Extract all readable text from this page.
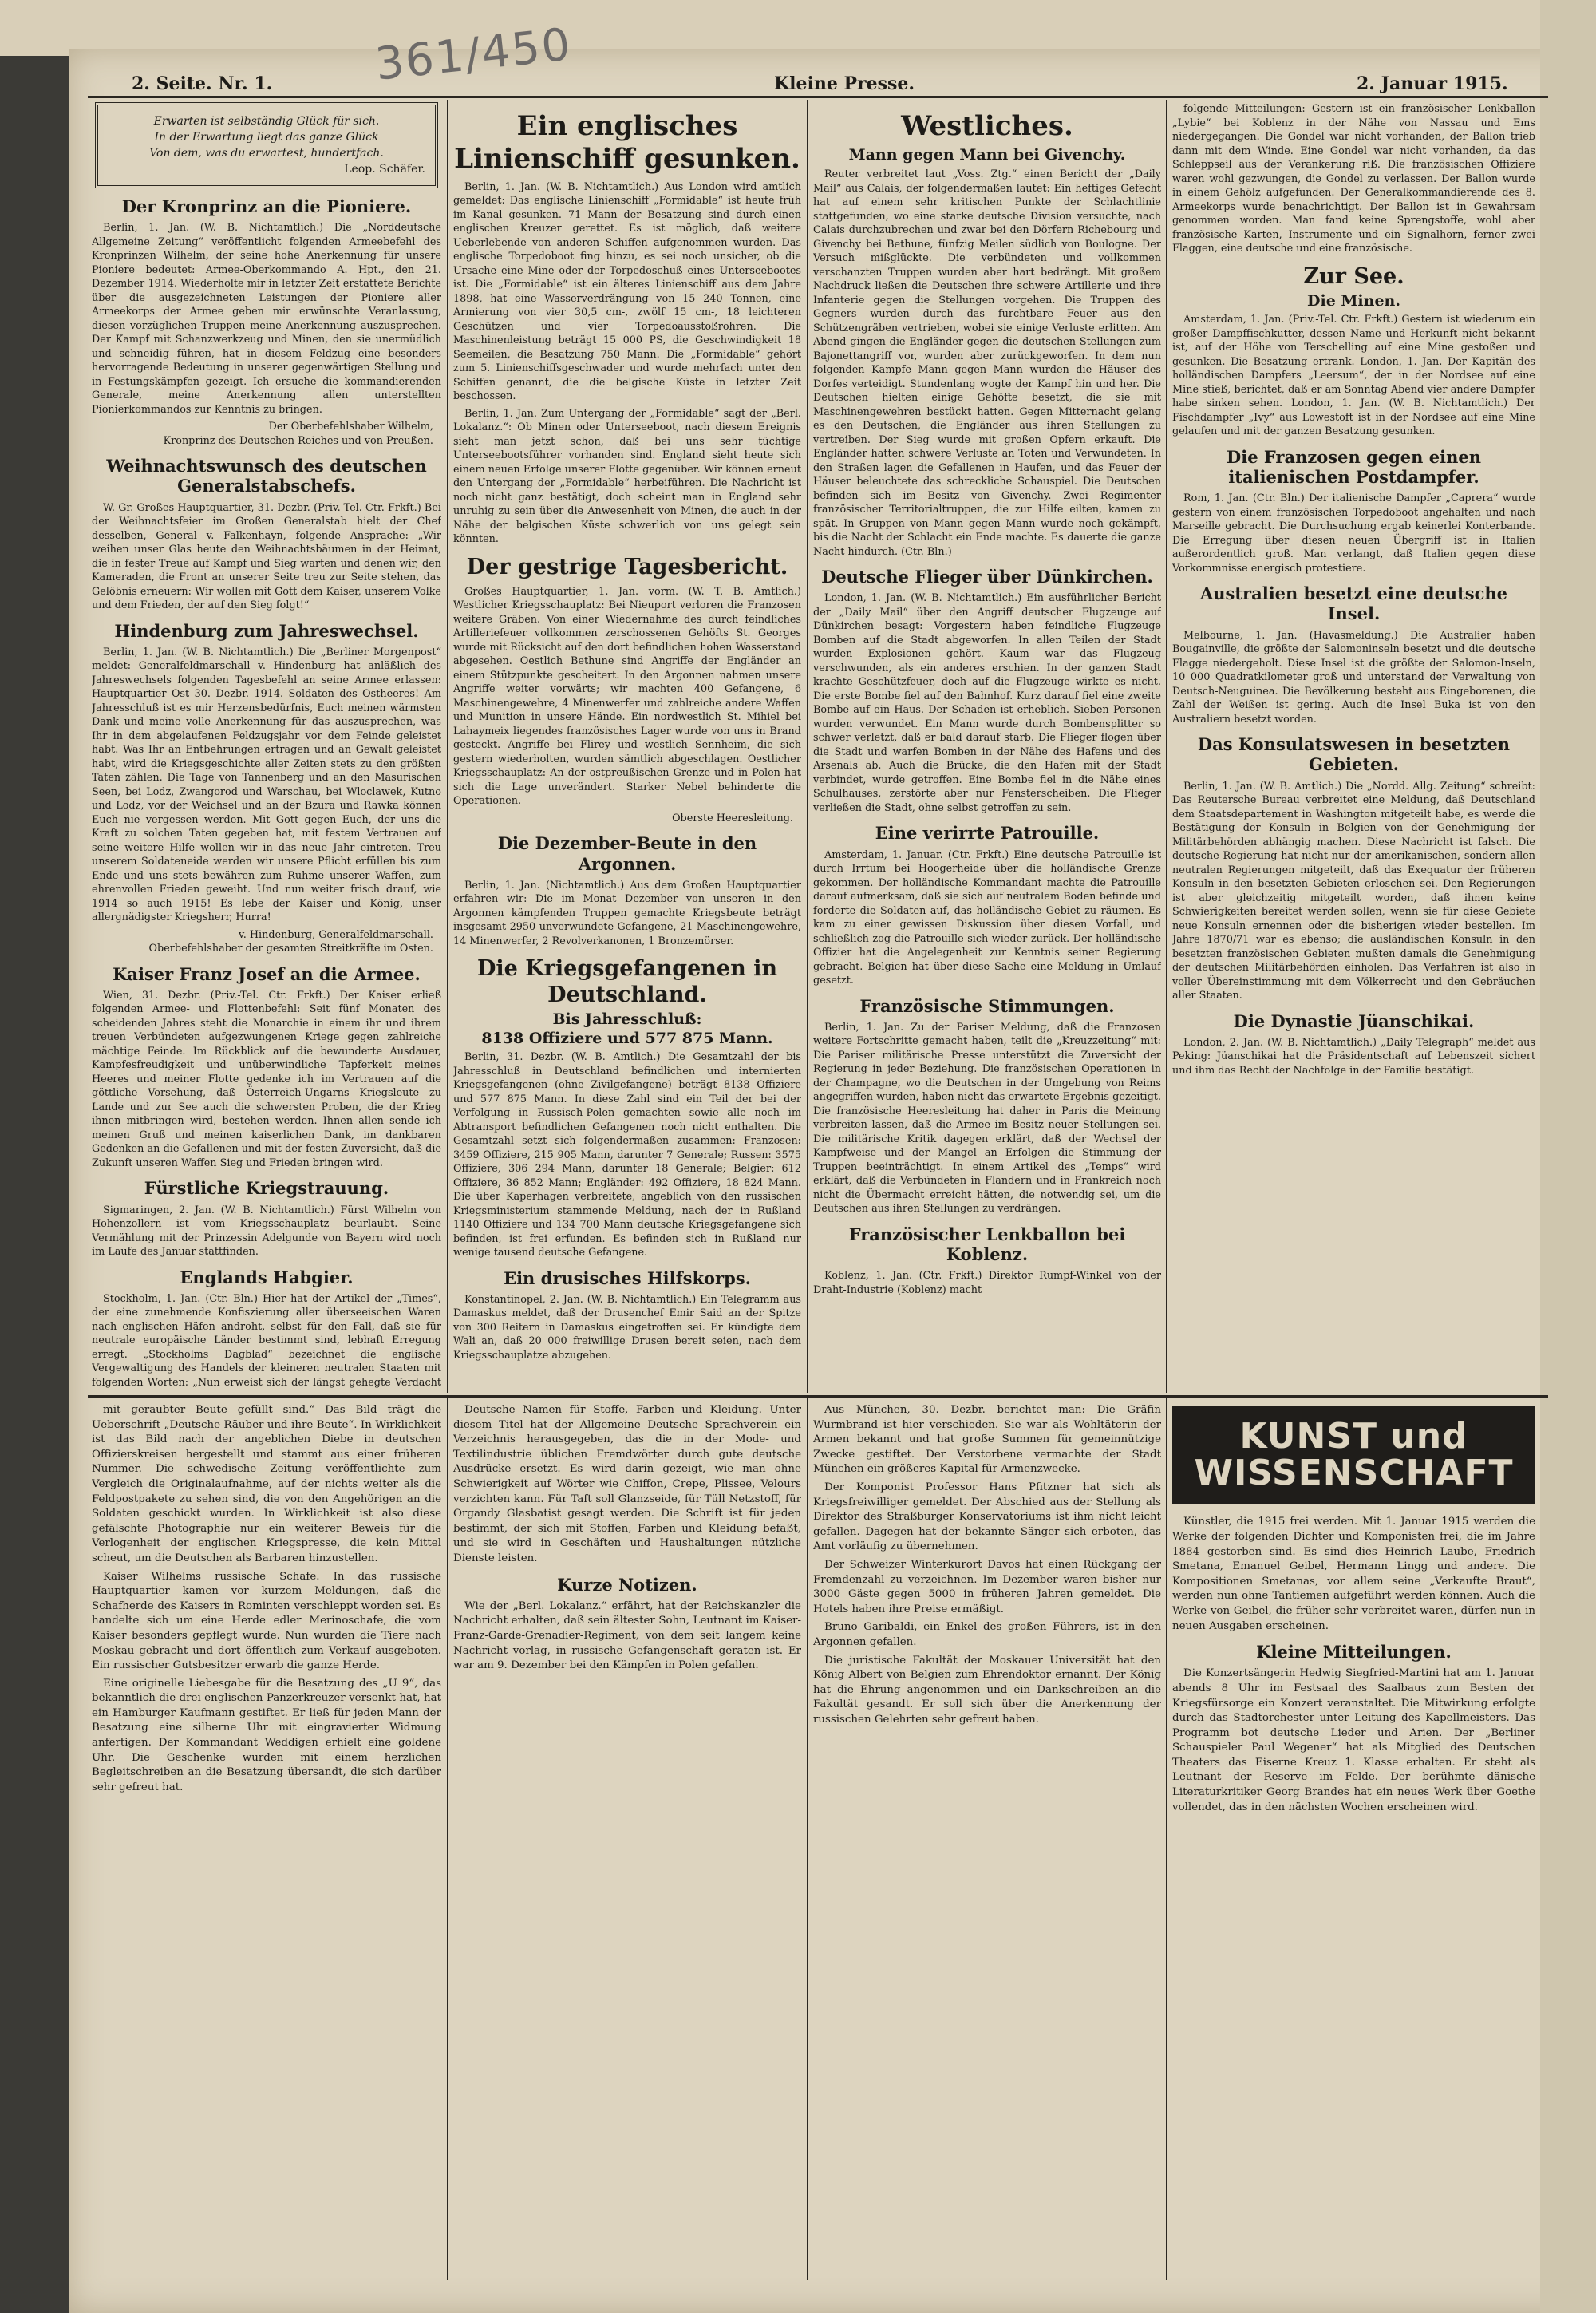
361/450
2. Seite. Nr. 1.	Kleine Presse.	2. Januar 1915.
Erwarten ist selbständig Glück für sich.
In der Erwartung liegt das ganze Glück
Von dem, was du erwartest, hundertfach.
Leop. Schäfer.
Der Kronprinz an die Pioniere.

Berlin, 1. Jan. (W. B. Nichtamtlich.) Die „Norddeutsche Allgemeine Zeitung“ veröffentlicht folgenden Armeebefehl des Kronprinzen Wilhelm, der seine hohe Anerkennung für unsere Pioniere bedeutet: Armee-Oberkommando A. Hpt., den 21. Dezember 1914. Wiederholte mir in letzter Zeit erstattete Berichte über die ausgezeichneten Leistungen der Pioniere aller Armeekorps der Armee geben mir erwünschte Veranlassung, diesen vorzüglichen Truppen meine Anerkennung auszusprechen. Der Kampf mit Schanzwerkzeug und Minen, den sie unermüdlich und schneidig führen, hat in diesem Feldzug eine besonders hervorragende Bedeutung in unserer gegenwärtigen Stellung und in Festungskämpfen gezeigt. Ich ersuche die kommandierenden Generale, meine Anerkennung allen unterstellten Pionierkommandos zur Kenntnis zu bringen.

Der Oberbefehlshaber Wilhelm,
Kronprinz des Deutschen Reiches und von Preußen.
Weihnachtswunsch des deutschen Generalstabschefs.

W. Gr. Großes Hauptquartier, 31. Dezbr. (Priv.-Tel. Ctr. Frkft.) Bei der Weihnachtsfeier im Großen Generalstab hielt der Chef desselben, General v. Falkenhayn, folgende Ansprache: „Wir weihen unser Glas heute den Weihnachtsbäumen in der Heimat, die in fester Treue auf Kampf und Sieg warten und denen wir, den Kameraden, die Front an unserer Seite treu zur Seite stehen, das Gelöbnis erneuern: Wir wollen mit Gott dem Kaiser, unserem Volke und dem Frieden, der auf den Sieg folgt!“

Hindenburg zum Jahreswechsel.

Berlin, 1. Jan. (W. B. Nichtamtlich.) Die „Berliner Morgenpost“ meldet: Generalfeldmarschall v. Hindenburg hat anläßlich des Jahreswechsels folgenden Tagesbefehl an seine Armee erlassen: Hauptquartier Ost 30. Dezbr. 1914. Soldaten des Ostheeres! Am Jahresschluß ist es mir Herzensbedürfnis, Euch meinen wärmsten Dank und meine volle Anerkennung für das auszusprechen, was Ihr in dem abgelaufenen Feldzugsjahr vor dem Feinde geleistet habt. Was Ihr an Entbehrungen ertragen und an Gewalt geleistet habt, wird die Kriegsgeschichte aller Zeiten stets zu den größten Taten zählen. Die Tage von Tannenberg und an den Masurischen Seen, bei Lodz, Zwangorod und Warschau, bei Wloclawek, Kutno und Lodz, vor der Weichsel und an der Bzura und Rawka können Euch nie vergessen werden. Mit Gott gegen Euch, der uns die Kraft zu solchen Taten gegeben hat, mit festem Vertrauen auf seine weitere Hilfe wollen wir in das neue Jahr eintreten. Treu unserem Soldateneide werden wir unsere Pflicht erfüllen bis zum Ende und uns stets bewähren zum Ruhme unserer Waffen, zum ehrenvollen Frieden geweiht. Und nun weiter frisch drauf, wie 1914 so auch 1915! Es lebe der Kaiser und König, unser allergnädigster Kriegsherr, Hurra!

v. Hindenburg, Generalfeldmarschall.
Oberbefehlshaber der gesamten Streitkräfte im Osten.
Kaiser Franz Josef an die Armee.

Wien, 31. Dezbr. (Priv.-Tel. Ctr. Frkft.) Der Kaiser erließ folgenden Armee- und Flottenbefehl: Seit fünf Monaten des scheidenden Jahres steht die Monarchie in einem ihr und ihrem treuen Verbündeten aufgezwungenen Kriege gegen zahlreiche mächtige Feinde. Im Rückblick auf die bewunderte Ausdauer, Kampfesfreudigkeit und unüberwindliche Tapferkeit meines Heeres und meiner Flotte gedenke ich im Vertrauen auf die göttliche Vorsehung, daß Österreich-Ungarns Kriegsleute zu Lande und zur See auch die schwersten Proben, die der Krieg ihnen mitbringen wird, bestehen werden. Ihnen allen sende ich meinen Gruß und meinen kaiserlichen Dank, im dankbaren Gedenken an die Gefallenen und mit der festen Zuversicht, daß die Zukunft unseren Waffen Sieg und Frieden bringen wird.

Fürstliche Kriegstrauung.

Sigmaringen, 2. Jan. (W. B. Nichtamtlich.) Fürst Wilhelm von Hohenzollern ist vom Kriegsschauplatz beurlaubt. Seine Vermählung mit der Prinzessin Adelgunde von Bayern wird noch im Laufe des Januar stattfinden.

Englands Habgier.

Stockholm, 1. Jan. (Ctr. Bln.) Hier hat der Artikel der „Times“, der eine zunehmende Konfiszierung aller überseeischen Waren nach englischen Häfen androht, selbst für den Fall, daß sie für neutrale europäische Länder bestimmt sind, lebhaft Erregung erregt. „Stockholms Dagblad“ bezeichnet die englische Vergewaltigung des Handels der kleineren neutralen Staaten mit folgenden Worten: „Nun erweist sich der längst gehegte Verdacht

Ein englisches Linienschiff gesunken.

Berlin, 1. Jan. (W. B. Nichtamtlich.) Aus London wird amtlich gemeldet: Das englische Linienschiff „Formidable“ ist heute früh im Kanal gesunken. 71 Mann der Besatzung sind durch einen englischen Kreuzer gerettet. Es ist möglich, daß weitere Ueberlebende von anderen Schiffen aufgenommen wurden. Das englische Torpedoboot fing hinzu, es sei noch unsicher, ob die Ursache eine Mine oder der Torpedoschuß eines Unterseebootes ist. Die „Formidable“ ist ein älteres Linienschiff aus dem Jahre 1898, hat eine Wasserverdrängung von 15 240 Tonnen, eine Armierung von vier 30,5 cm-, zwölf 15 cm-, 18 leichteren Geschützen und vier Torpedoausstoßrohren. Die Maschinenleistung beträgt 15 000 PS, die Geschwindigkeit 18 Seemeilen, die Besatzung 750 Mann. Die „Formidable“ gehört zum 5. Linienschiffsgeschwader und wurde mehrfach unter den Schiffen genannt, die die belgische Küste in letzter Zeit beschossen.

Berlin, 1. Jan. Zum Untergang der „Formidable“ sagt der „Berl. Lokalanz.“: Ob Minen oder Unterseeboot, nach diesem Ereignis sieht man jetzt schon, daß bei uns sehr tüchtige Unterseebootsführer vorhanden sind. England sieht heute sich einem neuen Erfolge unserer Flotte gegenüber. Wir können erneut den Untergang der „Formidable“ herbeiführen. Die Nachricht ist noch nicht ganz bestätigt, doch scheint man in England sehr unruhig zu sein über die Anwesenheit von Minen, die auch in der Nähe der belgischen Küste schwerlich von uns gelegt sein könnten.

Der gestrige Tagesbericht.

Großes Hauptquartier, 1. Jan. vorm. (W. T. B. Amtlich.) Westlicher Kriegsschauplatz: Bei Nieuport verloren die Franzosen weitere Gräben. Von einer Wiedernahme des durch feindliches Artilleriefeuer vollkommen zerschossenen Gehöfts St. Georges wurde mit Rücksicht auf den dort befindlichen hohen Wasserstand abgesehen. Oestlich Bethune sind Angriffe der Engländer an einem Stützpunkte gescheitert. In den Argonnen nahmen unsere Angriffe weiter vorwärts; wir machten 400 Gefangene, 6 Maschinengewehre, 4 Minenwerfer und zahlreiche andere Waffen und Munition in unsere Hände. Ein nordwestlich St. Mihiel bei Lahaymeix liegendes französisches Lager wurde von uns in Brand gesteckt. Angriffe bei Flirey und westlich Sennheim, die sich gestern wiederholten, wurden sämtlich abgeschlagen. Oestlicher Kriegsschauplatz: An der ostpreußischen Grenze und in Polen hat sich die Lage unverändert. Starker Nebel behinderte die Operationen.

Oberste Heeresleitung.
Die Dezember-Beute in den Argonnen.

Berlin, 1. Jan. (Nichtamtlich.) Aus dem Großen Hauptquartier erfahren wir: Die im Monat Dezember von unseren in den Argonnen kämpfenden Truppen gemachte Kriegsbeute beträgt insgesamt 2950 unverwundete Gefangene, 21 Maschinengewehre, 14 Minenwerfer, 2 Revolverkanonen, 1 Bronzemörser.

Die Kriegsgefangenen in Deutschland.
Bis Jahresschluß:
8138 Offiziere und 577 875 Mann.

Berlin, 31. Dezbr. (W. B. Amtlich.) Die Gesamtzahl der bis Jahresschluß in Deutschland befindlichen und internierten Kriegsgefangenen (ohne Zivilgefangene) beträgt 8138 Offiziere und 577 875 Mann. In diese Zahl sind ein Teil der bei der Verfolgung in Russisch-Polen gemachten sowie alle noch im Abtransport befindlichen Gefangenen noch nicht enthalten. Die Gesamtzahl setzt sich folgendermaßen zusammen: Franzosen: 3459 Offiziere, 215 905 Mann, darunter 7 Generale; Russen: 3575 Offiziere, 306 294 Mann, darunter 18 Generale; Belgier: 612 Offiziere, 36 852 Mann; Engländer: 492 Offiziere, 18 824 Mann. Die über Kaperhagen verbreitete, angeblich von den russischen Kriegsministerium stammende Meldung, nach der in Rußland 1140 Offiziere und 134 700 Mann deutsche Kriegsgefangene sich befinden, ist frei erfunden. Es befinden sich in Rußland nur wenige tausend deutsche Gefangene.

Ein drusisches Hilfskorps.

Konstantinopel, 2. Jan. (W. B. Nichtamtlich.) Ein Telegramm aus Damaskus meldet, daß der Drusenchef Emir Said an der Spitze von 300 Reitern in Damaskus eingetroffen sei. Er kündigte dem Wali an, daß 20 000 freiwillige Drusen bereit seien, nach dem Kriegsschauplatze abzugehen.

Westliches.
Mann gegen Mann bei Givenchy.

Reuter verbreitet laut „Voss. Ztg.“ einen Bericht der „Daily Mail“ aus Calais, der folgendermaßen lautet: Ein heftiges Gefecht hat auf einem sehr kritischen Punkte der Schlachtlinie stattgefunden, wo eine starke deutsche Division versuchte, nach Calais durchzubrechen und zwar bei den Dörfern Richebourg und Givenchy bei Bethune, fünfzig Meilen südlich von Boulogne. Der Versuch mißglückte. Die verbündeten und vollkommen verschanzten Truppen wurden aber hart bedrängt. Mit großem Nachdruck ließen die Deutschen ihre schwere Artillerie und ihre Infanterie gegen die Stellungen vorgehen. Die Truppen des Gegners wurden durch das furchtbare Feuer aus den Schützengräben vertrieben, wobei sie einige Verluste erlitten. Am Abend gingen die Engländer gegen die deutschen Stellungen zum Bajonettangriff vor, wurden aber zurückgeworfen. In dem nun folgenden Kampfe Mann gegen Mann wurden die Häuser des Dorfes verteidigt. Stundenlang wogte der Kampf hin und her. Die Deutschen hielten einige Gehöfte besetzt, die sie mit Maschinengewehren bestückt hatten. Gegen Mitternacht gelang es den Deutschen, die Engländer aus ihren Stellungen zu vertreiben. Der Sieg wurde mit großen Opfern erkauft. Die Engländer hatten schwere Verluste an Toten und Verwundeten. In den Straßen lagen die Gefallenen in Haufen, und das Feuer der Häuser beleuchtete das schreckliche Schauspiel. Die Deutschen befinden sich im Besitz von Givenchy. Zwei Regimenter französischer Territorialtruppen, die zur Hilfe eilten, kamen zu spät. In Gruppen von Mann gegen Mann wurde noch gekämpft, bis die Nacht der Schlacht ein Ende machte. Es dauerte die ganze Nacht hindurch. (Ctr. Bln.)

Deutsche Flieger über Dünkirchen.

London, 1. Jan. (W. B. Nichtamtlich.) Ein ausführlicher Bericht der „Daily Mail“ über den Angriff deutscher Flugzeuge auf Dünkirchen besagt: Vorgestern haben feindliche Flugzeuge Bomben auf die Stadt abgeworfen. In allen Teilen der Stadt wurden Explosionen gehört. Kaum war das Flugzeug verschwunden, als ein anderes erschien. In der ganzen Stadt krachte Geschützfeuer, doch auf die Flugzeuge wirkte es nicht. Die erste Bombe fiel auf den Bahnhof. Kurz darauf fiel eine zweite Bombe auf ein Haus. Der Schaden ist erheblich. Sieben Personen wurden verwundet. Ein Mann wurde durch Bombensplitter so schwer verletzt, daß er bald darauf starb. Die Flieger flogen über die Stadt und warfen Bomben in der Nähe des Hafens und des Arsenals ab. Auch die Brücke, die den Hafen mit der Stadt verbindet, wurde getroffen. Eine Bombe fiel in die Nähe eines Schulhauses, zerstörte aber nur Fensterscheiben. Die Flieger verließen die Stadt, ohne selbst getroffen zu sein.

Eine verirrte Patrouille.

Amsterdam, 1. Januar. (Ctr. Frkft.) Eine deutsche Patrouille ist durch Irrtum bei Hoogerheide über die holländische Grenze gekommen. Der holländische Kommandant machte die Patrouille darauf aufmerksam, daß sie sich auf neutralem Boden befinde und forderte die Soldaten auf, das holländische Gebiet zu räumen. Es kam zu einer gewissen Diskussion über diesen Vorfall, und schließlich zog die Patrouille sich wieder zurück. Der holländische Offizier hat die Angelegenheit zur Kenntnis seiner Regierung gebracht. Belgien hat über diese Sache eine Meldung in Umlauf gesetzt.

Französische Stimmungen.

Berlin, 1. Jan. Zu der Pariser Meldung, daß die Franzosen weitere Fortschritte gemacht haben, teilt die „Kreuzzeitung“ mit: Die Pariser militärische Presse unterstützt die Zuversicht der Regierung in jeder Beziehung. Die französischen Operationen in der Champagne, wo die Deutschen in der Umgebung von Reims angegriffen wurden, haben nicht das erwartete Ergebnis gezeitigt. Die französische Heeresleitung hat daher in Paris die Meinung verbreiten lassen, daß die Armee im Besitz neuer Stellungen sei. Die militärische Kritik dagegen erklärt, daß der Wechsel der Kampfweise und der Mangel an Erfolgen die Stimmung der Truppen beeinträchtigt. In einem Artikel des „Temps“ wird erklärt, daß die Verbündeten in Flandern und in Frankreich noch nicht die Übermacht erreicht hätten, die notwendig sei, um die Deutschen aus ihren Stellungen zu verdrängen.

Französischer Lenkballon bei Koblenz.

Koblenz, 1. Jan. (Ctr. Frkft.) Direktor Rumpf-Winkel von der Draht-Industrie (Koblenz) macht

folgende Mitteilungen: Gestern ist ein französischer Lenkballon „Lybie“ bei Koblenz in der Nähe von Nassau und Ems niedergegangen. Die Gondel war nicht vorhanden, der Ballon trieb dann mit dem Winde. Eine Gondel war nicht vorhanden, da das Schleppseil aus der Verankerung riß. Die französischen Offiziere waren wohl gezwungen, die Gondel zu verlassen. Der Ballon wurde in einem Gehölz aufgefunden. Der Generalkommandierende des 8. Armeekorps wurde benachrichtigt. Der Ballon ist in Gewahrsam genommen worden. Man fand keine Sprengstoffe, wohl aber französische Karten, Instrumente und ein Signalhorn, ferner zwei Flaggen, eine deutsche und eine französische.

Zur See.
Die Minen.

Amsterdam, 1. Jan. (Priv.-Tel. Ctr. Frkft.) Gestern ist wiederum ein großer Dampffischkutter, dessen Name und Herkunft nicht bekannt ist, auf der Höhe von Terschelling auf eine Mine gestoßen und gesunken. Die Besatzung ertrank. London, 1. Jan. Der Kapitän des holländischen Dampfers „Leersum“, der in der Nordsee auf eine Mine stieß, berichtet, daß er am Sonntag Abend vier andere Dampfer habe sinken sehen. London, 1. Jan. (W. B. Nichtamtlich.) Der Fischdampfer „Ivy“ aus Lowestoft ist in der Nordsee auf eine Mine gelaufen und mit der ganzen Besatzung gesunken.

Die Franzosen gegen einen italienischen Postdampfer.

Rom, 1. Jan. (Ctr. Bln.) Der italienische Dampfer „Caprera“ wurde gestern von einem französischen Torpedoboot angehalten und nach Marseille gebracht. Die Durchsuchung ergab keinerlei Konterbande. Die Erregung über diesen neuen Übergriff ist in Italien außerordentlich groß. Man verlangt, daß Italien gegen diese Vorkommnisse energisch protestiere.

Australien besetzt eine deutsche Insel.

Melbourne, 1. Jan. (Havasmeldung.) Die Australier haben Bougainville, die größte der Salomoninseln besetzt und die deutsche Flagge niedergeholt. Diese Insel ist die größte der Salomon-Inseln, 10 000 Quadratkilometer groß und unterstand der Verwaltung von Deutsch-Neuguinea. Die Bevölkerung besteht aus Eingeborenen, die Zahl der Weißen ist gering. Auch die Insel Buka ist von den Australiern besetzt worden.

Das Konsulatswesen in besetzten Gebieten.

Berlin, 1. Jan. (W. B. Amtlich.) Die „Nordd. Allg. Zeitung“ schreibt: Das Reutersche Bureau verbreitet eine Meldung, daß Deutschland dem Staatsdepartement in Washington mitgeteilt habe, es werde die Bestätigung der Konsuln in Belgien von der Genehmigung der Militärbehörden abhängig machen. Diese Nachricht ist falsch. Die deutsche Regierung hat nicht nur der amerikanischen, sondern allen neutralen Regierungen mitgeteilt, daß das Exequatur der früheren Konsuln in den besetzten Gebieten erloschen sei. Den Regierungen ist aber gleichzeitig mitgeteilt worden, daß ihnen keine Schwierigkeiten bereitet werden sollen, wenn sie für diese Gebiete neue Konsuln ernennen oder die bisherigen wieder bestellen. Im Jahre 1870/71 war es ebenso; die ausländischen Konsuln in den besetzten französischen Gebieten mußten damals die Genehmigung der deutschen Militärbehörden einholen. Das Verfahren ist also in voller Übereinstimmung mit dem Völkerrecht und den Gebräuchen aller Staaten.

Die Dynastie Jüanschikai.

London, 2. Jan. (W. B. Nichtamtlich.) „Daily Telegraph“ meldet aus Peking: Jüanschikai hat die Präsidentschaft auf Lebenszeit sichert und ihm das Recht der Nachfolge in der Familie bestätigt.

mit geraubter Beute gefüllt sind.“ Das Bild trägt die Ueberschrift „Deutsche Räuber und ihre Beute“. In Wirklichkeit ist das Bild nach der angeblichen Diebe in deutschen Offizierskreisen hergestellt und stammt aus einer früheren Nummer. Die schwedische Zeitung veröffentlichte zum Vergleich die Originalaufnahme, auf der nichts weiter als die Feldpostpakete zu sehen sind, die von den Angehörigen an die Soldaten geschickt wurden. In Wirklichkeit ist also diese gefälschte Photographie nur ein weiterer Beweis für die Verlogenheit der englischen Kriegspresse, die kein Mittel scheut, um die Deutschen als Barbaren hinzustellen.

Kaiser Wilhelms russische Schafe. In das russische Hauptquartier kamen vor kurzem Meldungen, daß die Schafherde des Kaisers in Rominten verschleppt worden sei. Es handelte sich um eine Herde edler Merinoschafe, die vom Kaiser besonders gepflegt wurde. Nun wurden die Tiere nach Moskau gebracht und dort öffentlich zum Verkauf ausgeboten. Ein russischer Gutsbesitzer erwarb die ganze Herde.

Eine originelle Liebesgabe für die Besatzung des „U 9“, das bekanntlich die drei englischen Panzerkreuzer versenkt hat, hat ein Hamburger Kaufmann gestiftet. Er ließ für jeden Mann der Besatzung eine silberne Uhr mit eingravierter Widmung anfertigen. Der Kommandant Weddigen erhielt eine goldene Uhr. Die Geschenke wurden mit einem herzlichen Begleitschreiben an die Besatzung übersandt, die sich darüber sehr gefreut hat.

Deutsche Namen für Stoffe, Farben und Kleidung. Unter diesem Titel hat der Allgemeine Deutsche Sprachverein ein Verzeichnis herausgegeben, das die in der Mode- und Textilindustrie üblichen Fremdwörter durch gute deutsche Ausdrücke ersetzt. Es wird darin gezeigt, wie man ohne Schwierigkeit auf Wörter wie Chiffon, Crepe, Plissee, Velours verzichten kann. Für Taft soll Glanzseide, für Tüll Netzstoff, für Organdy Glasbatist gesagt werden. Die Schrift ist für jeden bestimmt, der sich mit Stoffen, Farben und Kleidung befaßt, und sie wird in Geschäften und Haushaltungen nützliche Dienste leisten.

Kurze Notizen.

Wie der „Berl. Lokalanz.“ erfährt, hat der Reichskanzler die Nachricht erhalten, daß sein ältester Sohn, Leutnant im Kaiser-Franz-Garde-Grenadier-Regiment, von dem seit langem keine Nachricht vorlag, in russische Gefangenschaft geraten ist. Er war am 9. Dezember bei den Kämpfen in Polen gefallen.

Aus München, 30. Dezbr. berichtet man: Die Gräfin Wurmbrand ist hier verschieden. Sie war als Wohltäterin der Armen bekannt und hat große Summen für gemeinnützige Zwecke gestiftet. Der Verstorbene vermachte der Stadt München ein größeres Kapital für Armenzwecke.

Der Komponist Professor Hans Pfitzner hat sich als Kriegsfreiwilliger gemeldet. Der Abschied aus der Stellung als Direktor des Straßburger Konservatoriums ist ihm nicht leicht gefallen. Dagegen hat der bekannte Sänger sich erboten, das Amt vorläufig zu übernehmen.

Der Schweizer Winterkurort Davos hat einen Rückgang der Fremdenzahl zu verzeichnen. Im Dezember waren bisher nur 3000 Gäste gegen 5000 in früheren Jahren gemeldet. Die Hotels haben ihre Preise ermäßigt.

Bruno Garibaldi, ein Enkel des großen Führers, ist in den Argonnen gefallen.

Die juristische Fakultät der Moskauer Universität hat den König Albert von Belgien zum Ehrendoktor ernannt. Der König hat die Ehrung angenommen und ein Dankschreiben an die Fakultät gesandt. Er soll sich über die Anerkennung der russischen Gelehrten sehr gefreut haben.

KUNST und WISSENSCHAFT

Künstler, die 1915 frei werden. Mit 1. Januar 1915 werden die Werke der folgenden Dichter und Komponisten frei, die im Jahre 1884 gestorben sind. Es sind dies Heinrich Laube, Friedrich Smetana, Emanuel Geibel, Hermann Lingg und andere. Die Kompositionen Smetanas, vor allem seine „Verkaufte Braut“, werden nun ohne Tantiemen aufgeführt werden können. Auch die Werke von Geibel, die früher sehr verbreitet waren, dürfen nun in neuen Ausgaben erscheinen.

Kleine Mitteilungen.

Die Konzertsängerin Hedwig Siegfried-Martini hat am 1. Januar abends 8 Uhr im Festsaal des Saalbaus zum Besten der Kriegsfürsorge ein Konzert veranstaltet. Die Mitwirkung erfolgte durch das Stadtorchester unter Leitung des Kapellmeisters. Das Programm bot deutsche Lieder und Arien. Der „Berliner Schauspieler Paul Wegener“ hat als Mitglied des Deutschen Theaters das Eiserne Kreuz 1. Klasse erhalten. Er steht als Leutnant der Reserve im Felde. Der berühmte dänische Literaturkritiker Georg Brandes hat ein neues Werk über Goethe vollendet, das in den nächsten Wochen erscheinen wird.
